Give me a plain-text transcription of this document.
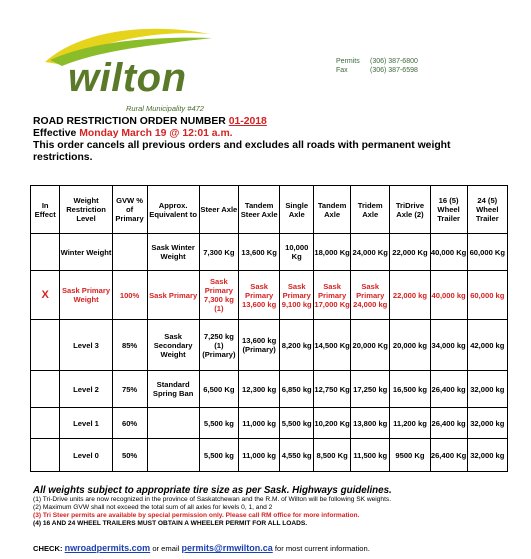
wilton
Rural Municipality #472
Permits	(306) 387-6800
Fax	(306) 387-6598
ROAD RESTRICTION ORDER NUMBER 01-2018
Effective Monday March 19 @ 12:01 a.m.
This order cancels all previous orders and excludes all roads with permanent weight restrictions.
In Effect	Weight Restriction Level	GVW % of Primary	Approx. Equivalent to	Steer Axle	Tandem Steer Axle	Single Axle	Tandem Axle	Tridem Axle	TriDrive Axle (2)	16 (5) Wheel Trailer	24 (5) Wheel Trailer
	Winter Weight		Sask Winter Weight	7,300 Kg	13,600 Kg	10,000 Kg	18,000 Kg	24,000 Kg	22,000 Kg	40,000 Kg	60,000 Kg
X	Sask Primary Weight	100%	Sask Primary	Sask Primary 7,300 kg (1)	Sask Primary 13,600 kg	Sask Primary 9,100 kg	Sask Primary 17,000 Kg	Sask Primary 24,000 kg	22,000 kg	40,000 kg	60,000 kg
	Level 3	85%	Sask Secondary Weight	7,250 kg (1) (Primary)	13,600 kg (Primary)	8,200 kg	14,500 Kg	20,000 Kg	20,000 kg	34,000 kg	42,000 kg
	Level 2	75%	Standard Spring Ban	6,500 Kg	12,300 kg	6,850 kg	12,750 Kg	17,250 kg	16,500 kg	26,400 kg	32,000 kg
	Level 1	60%		5,500 kg	11,000 kg	5,500 kg	10,200 Kg	13,800 kg	11,200 kg	26,400 kg	32,000 kg
	Level 0	50%		5,500 kg	11,000 kg	4,550 kg	8,500 Kg	11,500 kg	9500 Kg	26,400 Kg	32,000 kg
All weights subject to appropriate tire size as per Sask. Highways guidelines.
(1) Tri-Drive units are now recognized in the province of Saskatchewan and the R.M. of Wilton will be following SK weights.
(2) Maximum GVW shall not exceed the total sum of all axles for levels 0, 1, and 2
(3) Tri Steer permits are available by special permission only. Please call RM office for more information.
(4) 16 AND 24 WHEEL TRAILERS MUST OBTAIN A WHEELER PERMIT FOR ALL LOADS.
CHECK: nwroadpermits.com or email permits@rmwilton.ca for most current information.
